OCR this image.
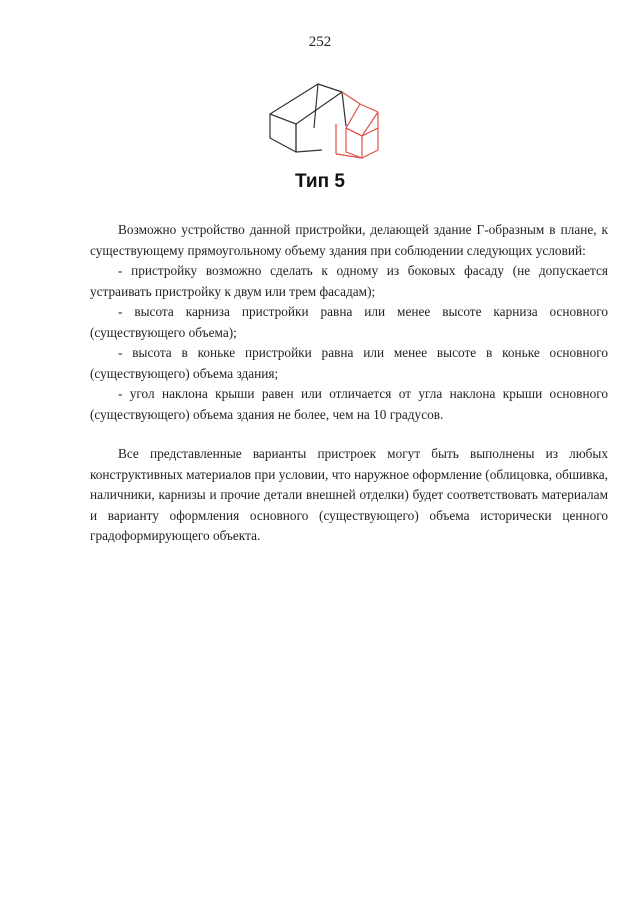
252
Тип 5

Возможно устройство данной пристройки, делающей здание Г-образным в плане, к существующему прямоугольному объему здания при соблюдении следующих условий:

- пристройку возможно сделать к одному из боковых фасаду (не допускается устраивать пристройку к двум или трем фасадам);

- высота карниза пристройки равна или менее высоте карниза основного (существующего объема);

- высота в коньке пристройки равна или менее высоте в коньке основного (существующего) объема здания;

- угол наклона крыши равен или отличается от угла наклона крыши основного (существующего) объема здания не более, чем на 10 градусов.

Все представленные варианты пристроек могут быть выполнены из любых конструктивных материалов при условии, что наружное оформление (облицовка, обшивка, наличники, карнизы и прочие детали внешней отделки) будет соответствовать материалам и варианту оформления основного (существующего) объема исторически ценного градоформирующего объекта.
